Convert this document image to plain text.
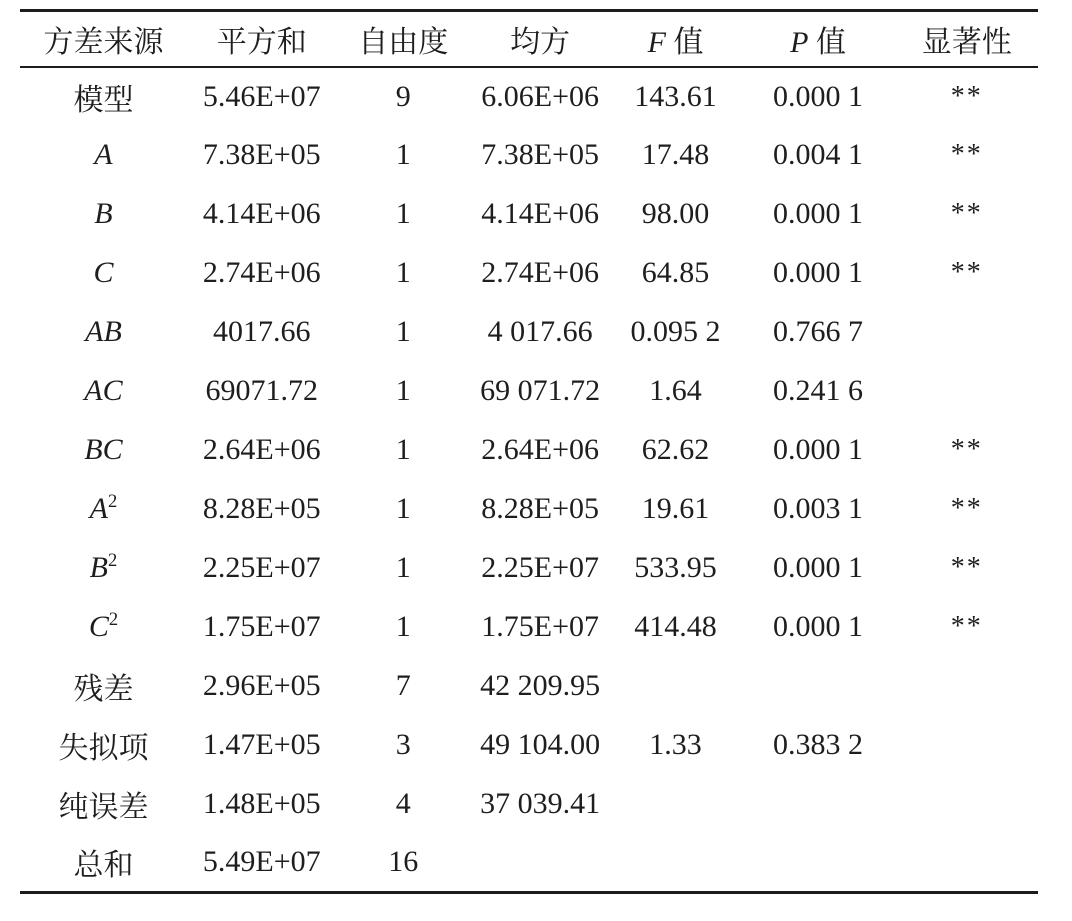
方差来源	平方和	自由度	均方	F 值	P 值	显著性
模型	5.46E+07	9	6.06E+06	143.61	0.000 1	**
A	7.38E+05	1	7.38E+05	17.48	0.004 1	**
B	4.14E+06	1	4.14E+06	98.00	0.000 1	**
C	2.74E+06	1	2.74E+06	64.85	0.000 1	**
AB	4017.66	1	4 017.66	0.095 2	0.766 7	
AC	69071.72	1	69 071.72	1.64	0.241 6	
BC	2.64E+06	1	2.64E+06	62.62	0.000 1	**
$A^2$	8.28E+05	1	8.28E+05	19.61	0.003 1	**
$B^2$	2.25E+07	1	2.25E+07	533.95	0.000 1	**
$C^2$	1.75E+07	1	1.75E+07	414.48	0.000 1	**
残差	2.96E+05	7	42 209.95			
失拟项	1.47E+05	3	49 104.00	1.33	0.383 2	
纯误差	1.48E+05	4	37 039.41			
总和	5.49E+07	16				
